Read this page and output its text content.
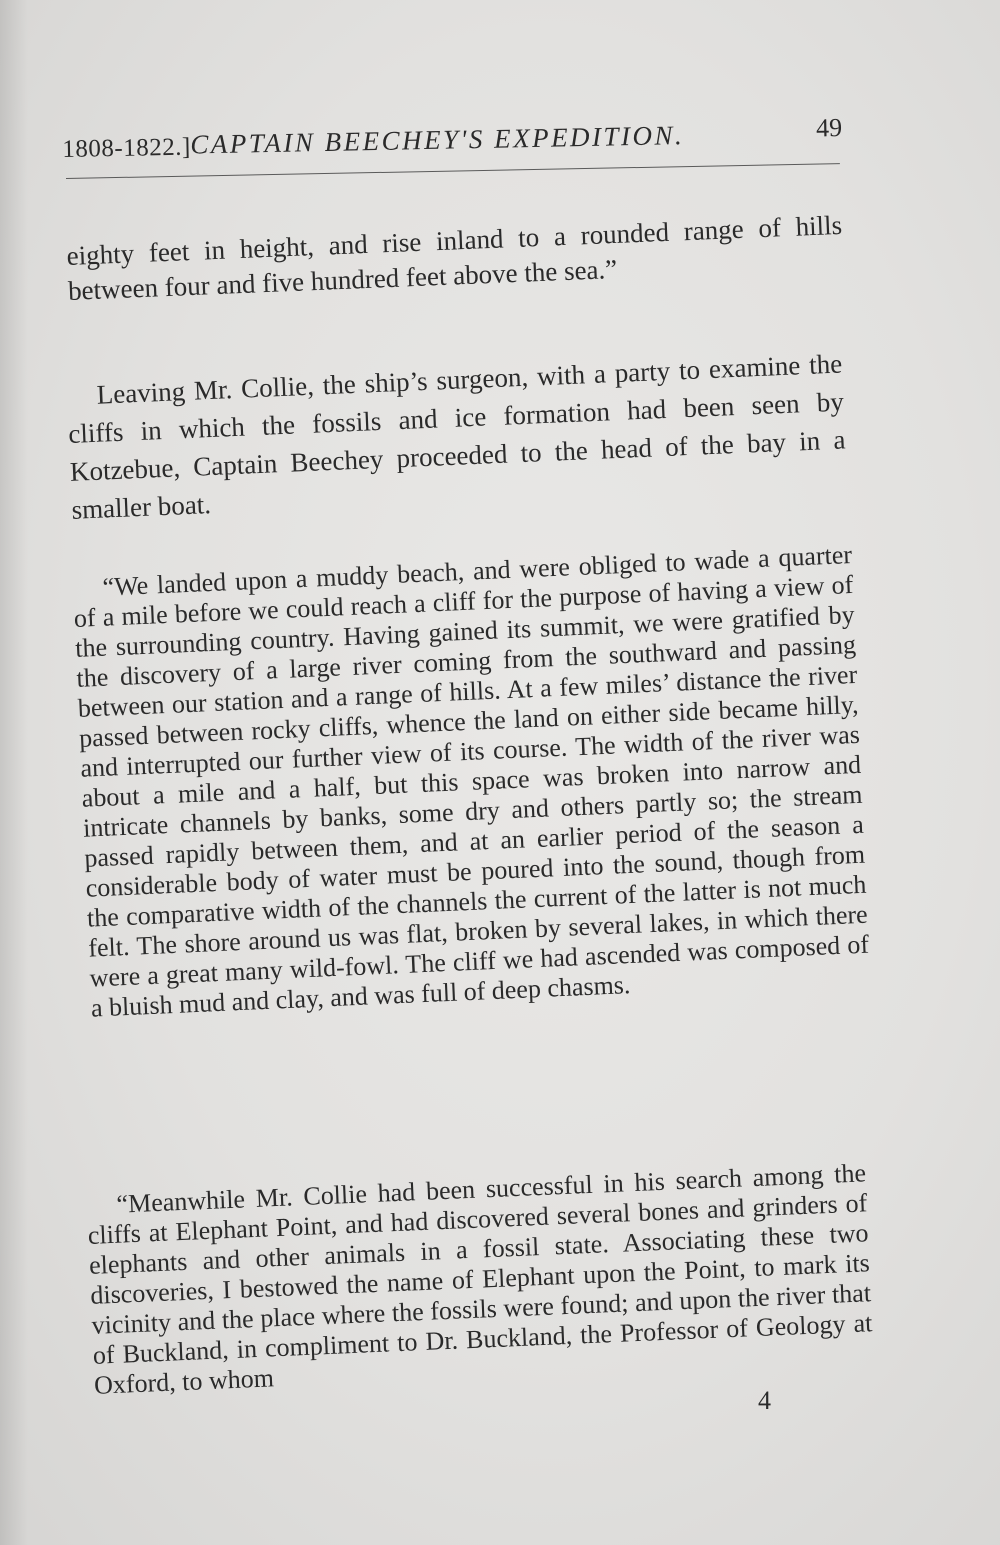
1808-1822.]
CAPTAIN BEECHEY'S EXPEDITION.	49

eighty feet in height, and rise inland to a rounded range of hills between four and five hundred feet above the sea.”

Leaving Mr. Collie, the ship’s surgeon, with a party to examine the cliffs in which the fossils and ice formation had been seen by Kotzebue, Captain Beechey proceeded to the head of the bay in a smaller boat.

“We landed upon a muddy beach, and were obliged to wade a quarter of a mile before we could reach a cliff for the purpose of having a view of the surrounding country. Having gained its summit, we were gratified by the discovery of a large river coming from the southward and passing between our station and a range of hills. At a few miles’ distance the river passed between rocky cliffs, whence the land on either side became hilly, and interrupted our further view of its course. The width of the river was about a mile and a half, but this space was broken into narrow and intricate channels by banks, some dry and others partly so; the stream passed rapidly between them, and at an earlier period of the season a considerable body of water must be poured into the sound, though from the comparative width of the channels the current of the latter is not much felt. The shore around us was flat, broken by several lakes, in which there were a great many wild-fowl. The cliff we had ascended was composed of a bluish mud and clay, and was full of deep chasms.

“Meanwhile Mr. Collie had been successful in his search among the cliffs at Elephant Point, and had discovered several bones and grinders of elephants and other animals in a fossil state. Associating these two discoveries, I bestowed the name of Elephant upon the Point, to mark its vicinity and the place where the fossils were found; and upon the river that of Buckland, in compliment to Dr. Buckland, the Professor of Geology at Oxford, to whom

4
